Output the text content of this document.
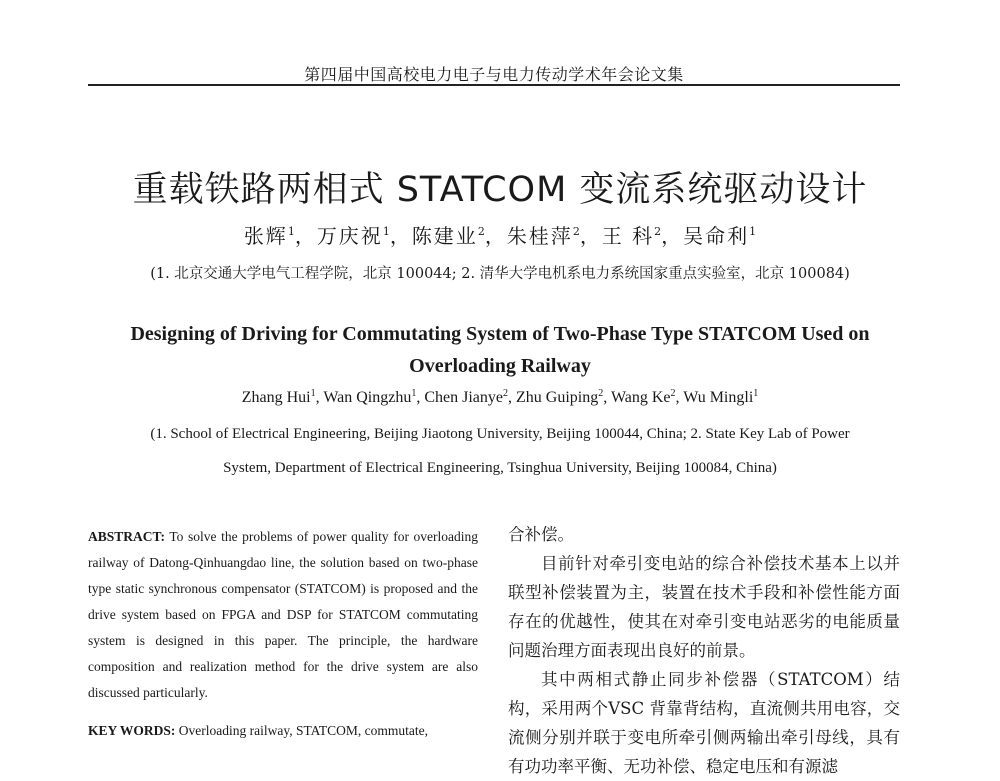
第四届中国高校电力电子与电力传动学术年会论文集
重载铁路两相式 STATCOM 变流系统驱动设计
张辉$^1$，万庆祝$^1$，陈建业$^2$，朱桂萍$^2$，王 科$^2$，吴命利$^1$
(1. 北京交通大学电气工程学院，北京 100044; 2. 清华大学电机系电力系统国家重点实验室，北京 100084)
Designing of Driving for Commutating System of Two-Phase Type STATCOM Used on
Overloading Railway
Zhang Hui$^1$, Wan Qingzhu$^1$, Chen Jianye$^2$, Zhu Guiping$^2$, Wang Ke$^2$, Wu Mingli$^1$
(1. School of Electrical Engineering, Beijing Jiaotong University, Beijing 100044, China; 2. State Key Lab of Power
System, Department of Electrical Engineering, Tsinghua University, Beijing 100084, China)
ABSTRACT: To solve the problems of power quality for overloading railway of Datong-Qinhuangdao line, the solution based on two-phase type static synchronous compensator (STATCOM) is proposed and the drive system based on FPGA and DSP for STATCOM commutating system is designed in this paper. The principle, the hardware composition and realization method for the drive system are also discussed particularly.
KEY WORDS: Overloading railway, STATCOM, commutate,

合补偿。

目前针对牵引变电站的综合补偿技术基本上以并联型补偿装置为主，装置在技术手段和补偿性能方面存在的优越性，使其在对牵引变电站恶劣的电能质量问题治理方面表现出良好的前景。

其中两相式静止同步补偿器（STATCOM）结构，采用两个VSC 背靠背结构，直流侧共用电容，交流侧分别并联于变电所牵引侧两输出牵引母线，具有有功功率平衡、无功补偿、稳定电压和有源滤
